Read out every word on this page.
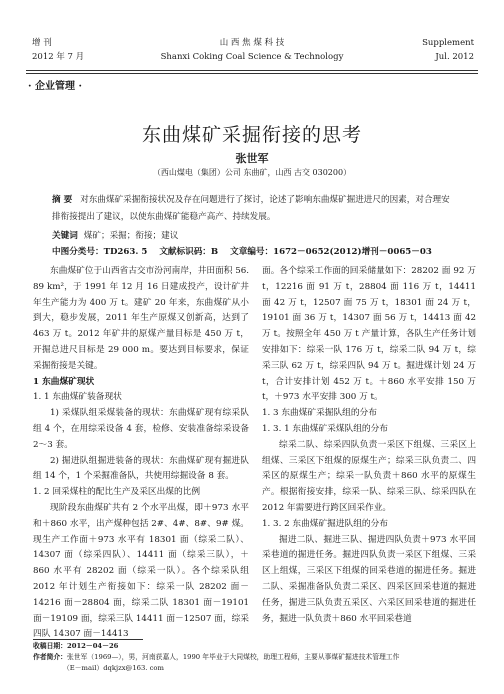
增 刊
2012 年 7 月
山 西 焦 煤 科 技
Shanxi Coking Coal Science & Technology
Supplement
Jul. 2012
· 企业管理 ·
东曲煤矿采掘衔接的思考
张世军
（西山煤电（集团）公司 东曲矿，山西 古交 030200）
摘 要 对东曲煤矿采掘衔接状况及存在问题进行了探讨，论述了影响东曲煤矿掘进进尺的因素，对合理安排衔接提出了建议，以使东曲煤矿能稳产高产、持续发展。
关键词 煤矿；采掘；衔接；建议
中图分类号：TD263. 5 文献标识码：B 文章编号：1672－0652(2012)增刊－0065－03

东曲煤矿位于山西省古交市汾河南岸，井田面积 56. 89 km²，于 1991 年 12 月 16 日建成投产，设计矿井年生产能力为 400 万 t。建矿 20 年来，东曲煤矿从小到大，稳步发展，2011 年生产原煤又创新高，达到了 463 万 t。2012 年矿井的原煤产量目标是 450 万 t，开掘总进尺目标是 29 000 m。要达到目标要求，保证采掘衔接是关键。

1 东曲煤矿现状

1. 1 东曲煤矿装备现状

1) 采煤队组采煤装备的现状：东曲煤矿现有综采队组 4 个，在用综采设备 4 套，检修、安装准备综采设备 2～3 套。

2) 掘进队组掘进装备的现状：东曲煤矿现有掘进队组 14 个，1 个采掘准备队，共使用综掘设备 8 套。

1. 2 回采煤柱的配比生产及采区出煤的比例

现阶段东曲煤矿共有 2 个水平出煤，即＋973 水平和＋860 水平，出产煤种包括 2#、4#、8#、9# 煤。现生产工作面＋973 水平有 18301 面（综采二队）、14307 面（综采四队）、14411 面（综采三队），＋860 水平有 28202 面（综采一队）。各个综采队组 2012 年计划生产衔接如下：综采一队 28202 面－14216 面－28804 面，综采二队 18301 面－19101 面－19109 面，综采三队 14411 面－12507 面，综采四队 14307 面－14413

面。各个综采工作面的回采储量如下：28202 面 92 万 t，12216 面 91 万 t，28804 面 116 万 t，14411 面 42 万 t，12507 面 75 万 t，18301 面 24 万 t，19101 面 36 万 t，14307 面 56 万 t，14413 面 42 万 t。按照全年 450 万 t 产量计算，各队生产任务计划安排如下：综采一队 176 万 t，综采二队 94 万 t，综采三队 62 万 t，综采四队 94 万 t。掘进煤计划 24 万 t，合计安排计划 452 万 t。＋860 水平安排 150 万 t，＋973 水平安排 300 万 t。

1. 3 东曲煤矿采掘队组的分布

1. 3. 1 东曲煤矿采煤队组的分布

综采二队、综采四队负责一采区下组煤、三采区上组煤、三采区下组煤的原煤生产；综采三队负责二、四采区的原煤生产；综采一队负责＋860 水平的原煤生产。根据衔接安排，综采一队、综采三队、综采四队在 2012 年需要进行跨区回采作业。

1. 3. 2 东曲煤矿掘进队组的分布

掘进二队、掘进三队、掘进四队负责＋973 水平回采巷道的掘进任务。掘进四队负责一采区下组煤、三采区上组煤，三采区下组煤的回采巷道的掘进任务。掘进二队、采掘准备队负责二采区、四采区回采巷道的掘进任务，掘进三队负责五采区、六采区回采巷道的掘进任务，掘进一队负责＋860 水平回采巷道

收稿日期：2012－04－26
作者简介：张世军（1969—），男，河南获嘉人，1990 年毕业于大同煤校，助理工程师，主要从事煤矿掘进技术管理工作
（E－mail）dqkjzx@163. com
